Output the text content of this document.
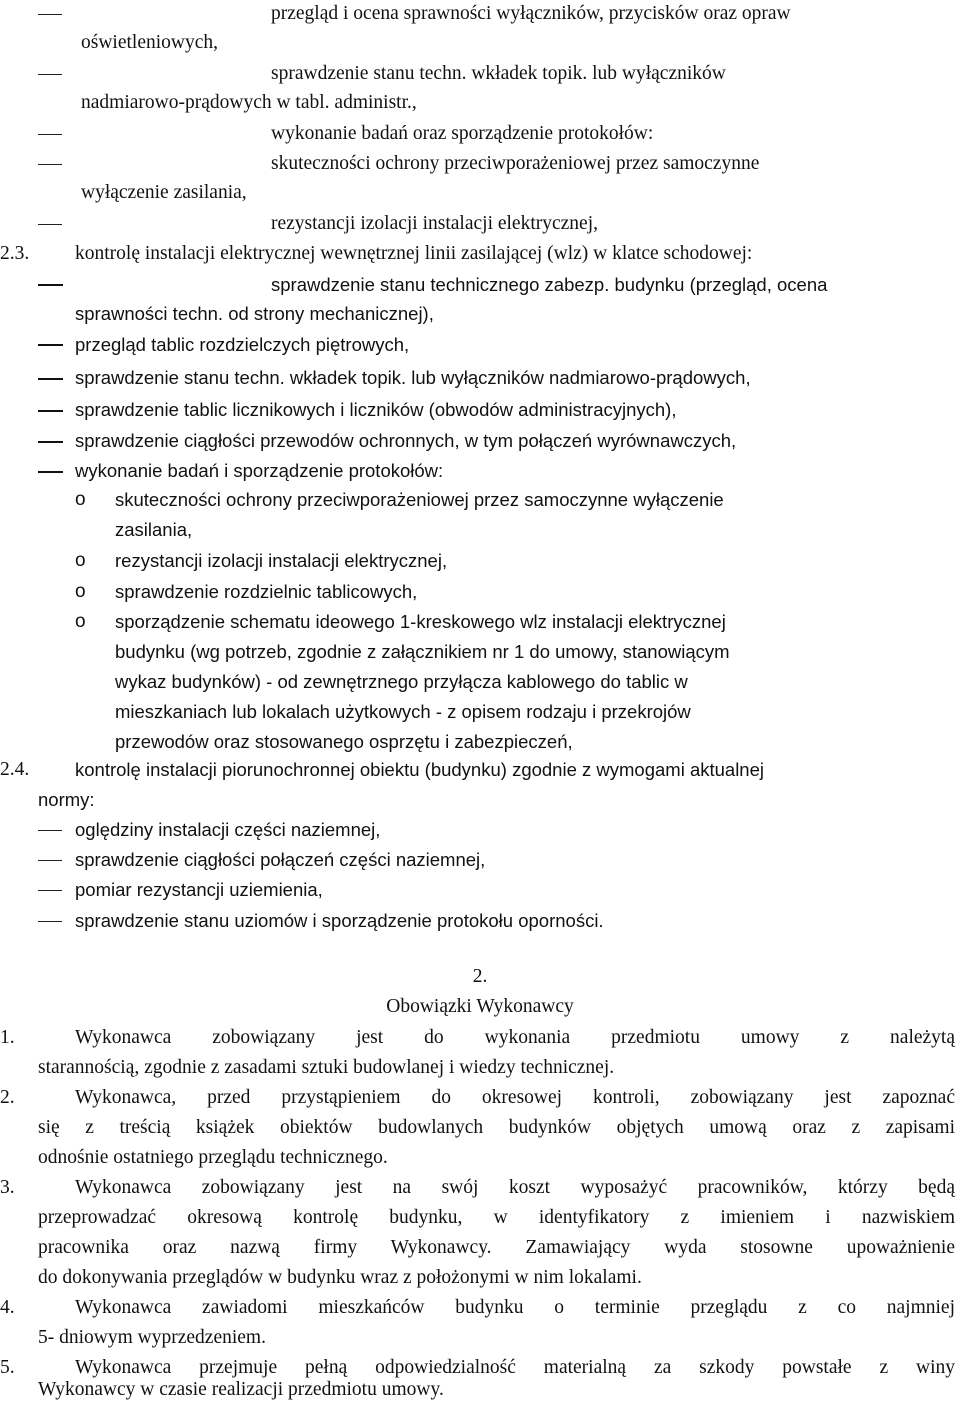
przegląd i ocena sprawności wyłączników, przycisków oraz opraw
oświetleniowych,
sprawdzenie stanu techn. wkładek topik. lub wyłączników
nadmiarowo-prądowych w tabl. administr.,
wykonanie badań oraz sporządzenie protokołów:
skuteczności ochrony przeciwporażeniowej przez samoczynne
wyłączenie zasilania,
rezystancji izolacji instalacji elektrycznej,
2.3. kontrolę instalacji elektrycznej wewnętrznej linii zasilającej (wlz) w klatce schodowej:
sprawdzenie stanu technicznego zabezp. budynku (przegląd, ocena
sprawności techn. od strony mechanicznej),
przegląd tablic rozdzielczych piętrowych,
sprawdzenie stanu techn. wkładek topik. lub wyłączników nadmiarowo-prądowych,
sprawdzenie tablic licznikowych i liczników (obwodów administracyjnych),
sprawdzenie ciągłości przewodów ochronnych, w tym połączeń wyrównawczych,
wykonanie badań i sporządzenie protokołów:
o skuteczności ochrony przeciwporażeniowej przez samoczynne wyłączenie
zasilania,
o rezystancji izolacji instalacji elektrycznej,
o sprawdzenie rozdzielnic tablicowych,
o sporządzenie schematu ideowego 1-kreskowego wlz instalacji elektrycznej
budynku (wg potrzeb, zgodnie z załącznikiem nr 1 do umowy, stanowiącym
wykaz budynków) - od zewnętrznego przyłącza kablowego do tablic w
mieszkaniach lub lokalach użytkowych - z opisem rodzaju i przekrojów
przewodów oraz stosowanego osprzętu i zabezpieczeń,
2.4. kontrolę instalacji piorunochronnej obiektu (budynku) zgodnie z wymogami aktualnej
normy:
oględziny instalacji części naziemnej,
sprawdzenie ciągłości połączeń części naziemnej,
pomiar rezystancji uziemienia,
sprawdzenie stanu uziomów i sporządzenie protokołu oporności.
2.
Obowiązki Wykonawcy
1.	Wykonawca zobowiązany jest do wykonania przedmiotu umowy z należytą
starannością, zgodnie z zasadami sztuki budowlanej i wiedzy technicznej.
2.	Wykonawca, przed przystąpieniem do okresowej kontroli, zobowiązany jest zapoznać
się z treścią książek obiektów budowlanych budynków objętych umową oraz z zapisami
odnośnie ostatniego przeglądu technicznego.
3.	Wykonawca zobowiązany jest na swój koszt wyposażyć pracowników, którzy będą
przeprowadzać okresową kontrolę budynku, w identyfikatory z imieniem i nazwiskiem
pracownika oraz nazwą firmy Wykonawcy. Zamawiający wyda stosowne upoważnienie
do dokonywania przeglądów w budynku wraz z położonymi w nim lokalami.
4.	Wykonawca zawiadomi mieszkańców budynku o terminie przeglądu z co najmniej
5- dniowym wyprzedzeniem.
5.	Wykonawca przejmuje pełną odpowiedzialność materialną za szkody powstałe z winy
Wykonawcy w czasie realizacji przedmiotu umowy.
